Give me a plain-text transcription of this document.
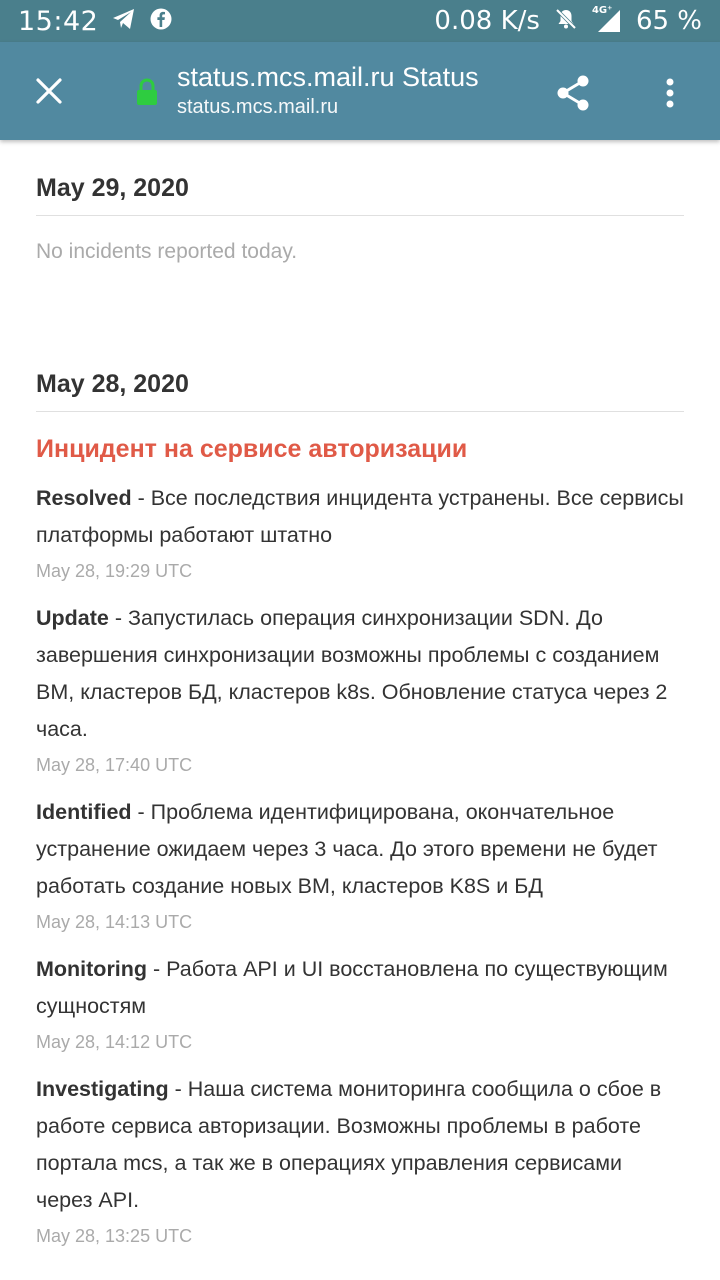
15:42	0.08 K/s	4G⁺ 65 %
status.mcs.mail.ru Status
status.mcs.mail.ru
May 29, 2020
No incidents reported today.
May 28, 2020
Инцидент на сервисе авторизации
Resolved - Все последствия инцидента устранены. Все сервисы платформы работают штатно
May 28, 19:29 UTC
Update - Запустилась операция синхронизации SDN. До завершения синхронизации возможны проблемы с созданием ВМ, кластеров БД, кластеров k8s. Обновление статуса через 2 часа.
May 28, 17:40 UTC
Identified - Проблема идентифицирована, окончательное устранение ожидаем через 3 часа. До этого времени не будет работать создание новых ВМ, кластеров K8S и БД
May 28, 14:13 UTC
Monitoring - Работа API и UI восстановлена по существующим сущностям
May 28, 14:12 UTC
Investigating - Наша система мониторинга сообщила о сбое в работе сервиса авторизации. Возможны проблемы в работе портала mcs, а так же в операциях управления сервисами через API.
May 28, 13:25 UTC
